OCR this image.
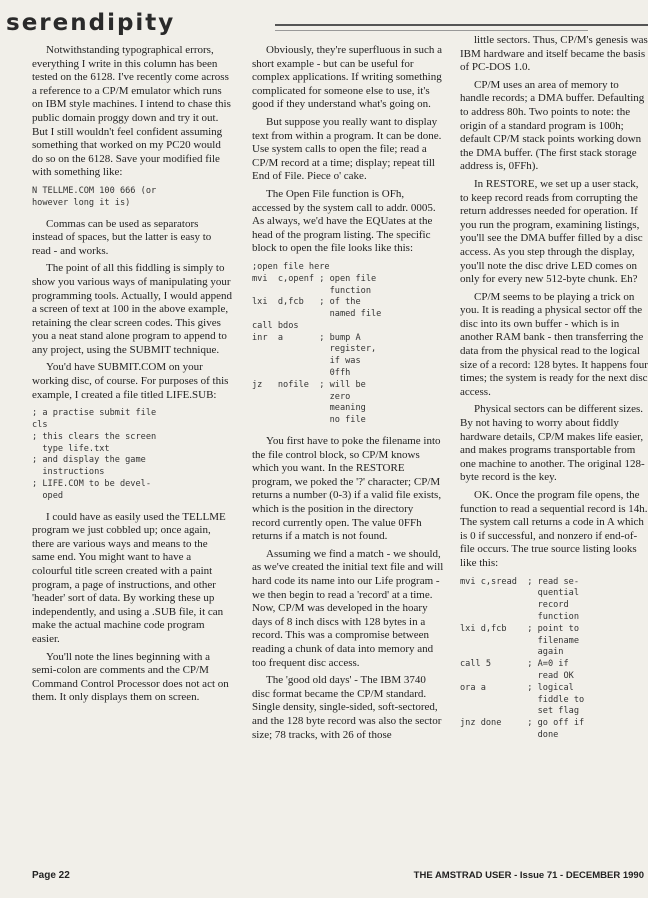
serendipity

Notwithstanding typographical errors, everything I write in this column has been tested on the 6128. I've recently come across a reference to a CP/M emulator which runs on IBM style machines. I intend to chase this public domain proggy down and try it out. But I still wouldn't feel confident assuming something that worked on my PC20 would do so on the 6128. Save your modified file with something like:

N TELLME.COM 100 666 (or
however long it is)

Commas can be used as separators instead of spaces, but the latter is easy to read - and works.

The point of all this fiddling is simply to show you various ways of manipulating your programming tools. Actually, I would append a screen of text at 100 in the above example, retaining the clear screen codes. This gives you a neat stand alone program to append to any project, using the SUBMIT technique.

You'd have SUBMIT.COM on your working disc, of course. For purposes of this example, I created a file titled LIFE.SUB:

; a practise submit file
cls
; this clears the screen
type life.txt
; and display the game
instructions
; LIFE.COM to be devel-
oped

I could have as easily used the TELLME program we just cobbled up; once again, there are various ways and means to the same end. You might want to have a colourful title screen created with a paint program, a page of instructions, and other 'header' sort of data. By working these up independently, and using a .SUB file, it can make the actual machine code program easier.

You'll note the lines beginning with a semi-colon are comments and the CP/M Command Control Processor does not act on them. It only displays them on screen.

Obviously, they're superfluous in such a short example - but can be useful for complex applications. If writing something complicated for someone else to use, it's good if they understand what's going on.

But suppose you really want to display text from within a program. It can be done. Use system calls to open the file; read a CP/M record at a time; display; repeat till End of File. Piece o' cake.

The Open File function is OFh, accessed by the system call to addr. 0005. As always, we'd have the EQUates at the head of the program listing. The specific block to open the file looks like this:

;open file here
mvi  c,openf ; open file
function
lxi  d,fcb   ; of the
named file
call bdos
inr  a       ; bump A
register,
if was
0ffh
jz   nofile  ; will be
zero
meaning
no file

You first have to poke the filename into the file control block, so CP/M knows which you want. In the RESTORE program, we poked the '?' character; CP/M returns a number (0-3) if a valid file exists, which is the position in the directory record currently open. The value 0FFh returns if a match is not found.

Assuming we find a match - we should, as we've created the initial text file and will hard code its name into our Life program - we then begin to read a 'record' at a time. Now, CP/M was developed in the hoary days of 8 inch discs with 128 bytes in a record. This was a compromise between reading a chunk of data into memory and too frequent disc access.

The 'good old days' - The IBM 3740 disc format became the CP/M standard. Single density, single-sided, soft-sectored, and the 128 byte record was also the sector size; 78 tracks, with 26 of those

little sectors. Thus, CP/M's genesis was IBM hardware and itself became the basis of PC-DOS 1.0.

CP/M uses an area of memory to handle records; a DMA buffer. Defaulting to address 80h. Two points to note: the origin of a standard program is 100h; default CP/M stack points working down the DMA buffer. (The first stack storage address is, 0FFh).

In RESTORE, we set up a user stack, to keep record reads from corrupting the return addresses needed for operation. If you run the program, examining listings, you'll see the DMA buffer filled by a disc access. As you step through the display, you'll note the disc drive LED comes on only for every new 512-byte chunk. Eh?

CP/M seems to be playing a trick on you. It is reading a physical sector off the disc into its own buffer - which is in another RAM bank - then transferring the data from the physical read to the logical size of a record: 128 bytes. It happens four times; the system is ready for the next disc access.

Physical sectors can be different sizes. By not having to worry about fiddly hardware details, CP/M makes life easier, and makes programs transportable from one machine to another. The original 128-byte record is the key.

OK. Once the program file opens, the function to read a sequential record is 14h. The system call returns a code in A which is 0 if successful, and nonzero if end-of-file occurs. The true source listing looks like this:

mvi c,sread  ; read se-
quential
record
function
lxi d,fcb    ; point to
filename
again
call 5       ; A=0 if
read OK
ora a        ; logical
fiddle to
set flag
jnz done     ; go off if
done
Page 22	THE AMSTRAD USER - Issue 71 - DECEMBER 1990
